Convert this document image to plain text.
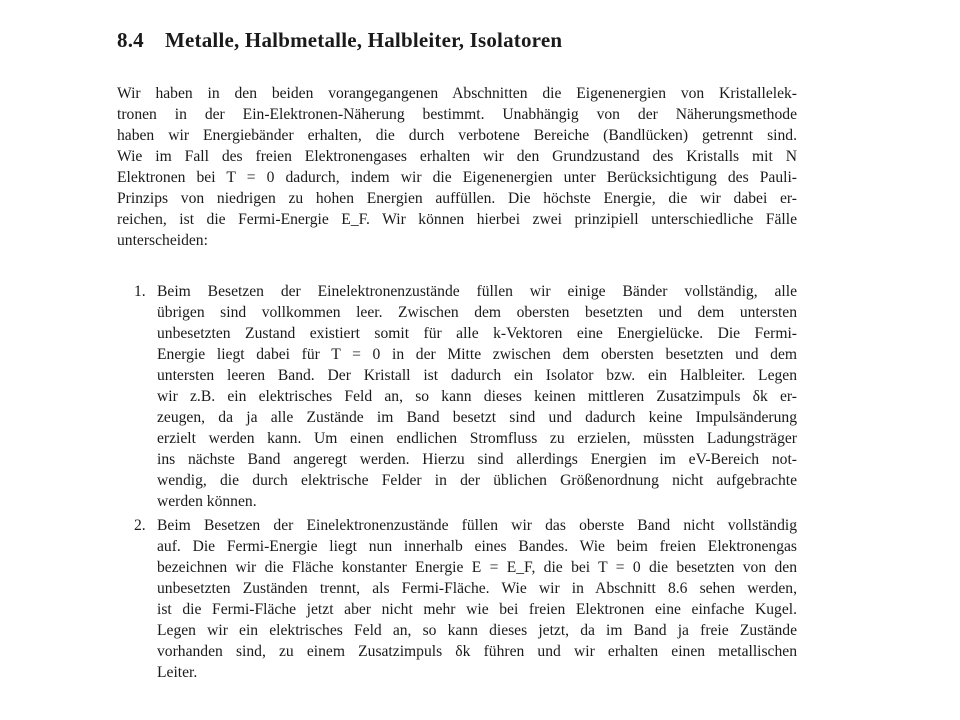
8.4 Metalle, Halbmetalle, Halbleiter, Isolatoren
Wir haben in den beiden vorangegangenen Abschnitten die Eigenenergien von Kristallelek-
tronen in der Ein-Elektronen-Näherung bestimmt. Unabhängig von der Näherungsmethode
haben wir Energiebänder erhalten, die durch verbotene Bereiche (Bandlücken) getrennt sind.
Wie im Fall des freien Elektronengases erhalten wir den Grundzustand des Kristalls mit N
Elektronen bei T = 0 dadurch, indem wir die Eigenenergien unter Berücksichtigung des Pauli-
Prinzips von niedrigen zu hohen Energien auffüllen. Die höchste Energie, die wir dabei er-
reichen, ist die Fermi-Energie E_F. Wir können hierbei zwei prinzipiell unterschiedliche Fälle
unterscheiden:
1. Beim Besetzen der Einelektronenzustände füllen wir einige Bänder vollständig, alle
übrigen sind vollkommen leer. Zwischen dem obersten besetzten und dem untersten
unbesetzten Zustand existiert somit für alle k-Vektoren eine Energielücke. Die Fermi-
Energie liegt dabei für T = 0 in der Mitte zwischen dem obersten besetzten und dem
untersten leeren Band. Der Kristall ist dadurch ein Isolator bzw. ein Halbleiter. Legen
wir z.B. ein elektrisches Feld an, so kann dieses keinen mittleren Zusatzimpuls δk er-
zeugen, da ja alle Zustände im Band besetzt sind und dadurch keine Impulsänderung
erzielt werden kann. Um einen endlichen Stromfluss zu erzielen, müssten Ladungsträger
ins nächste Band angeregt werden. Hierzu sind allerdings Energien im eV-Bereich not-
wendig, die durch elektrische Felder in der üblichen Größenordnung nicht aufgebrachte
werden können.
2. Beim Besetzen der Einelektronenzustände füllen wir das oberste Band nicht vollständig
auf. Die Fermi-Energie liegt nun innerhalb eines Bandes. Wie beim freien Elektronengas
bezeichnen wir die Fläche konstanter Energie E = E_F, die bei T = 0 die besetzten von den
unbesetzten Zuständen trennt, als Fermi-Fläche. Wie wir in Abschnitt 8.6 sehen werden,
ist die Fermi-Fläche jetzt aber nicht mehr wie bei freien Elektronen eine einfache Kugel.
Legen wir ein elektrisches Feld an, so kann dieses jetzt, da im Band ja freie Zustände
vorhanden sind, zu einem Zusatzimpuls δk führen und wir erhalten einen metallischen
Leiter.
